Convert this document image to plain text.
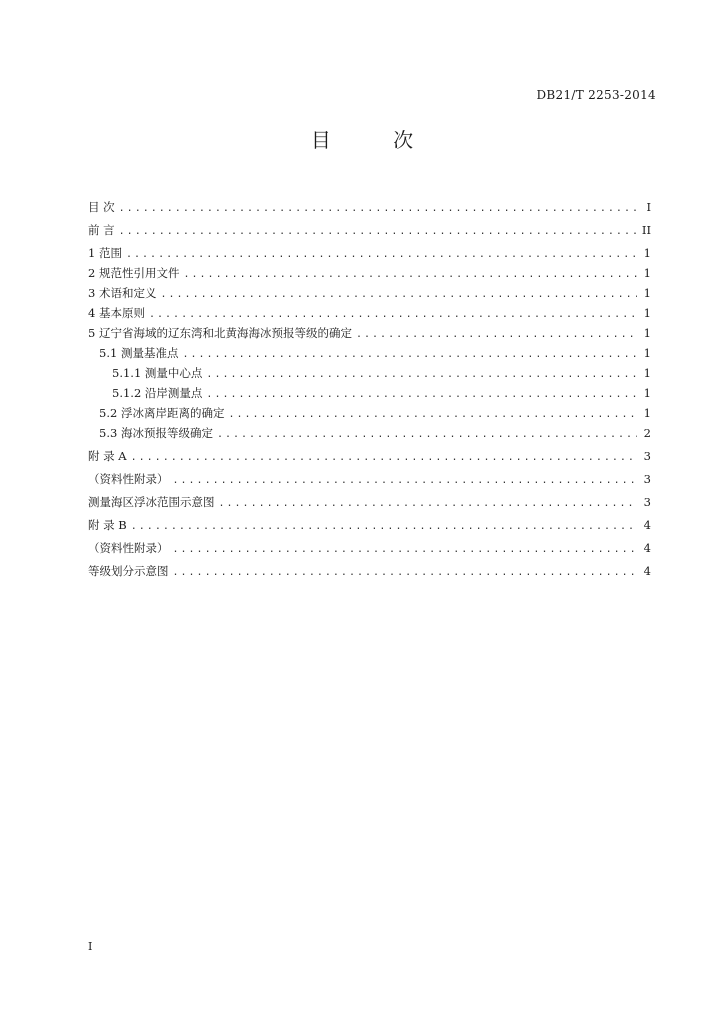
DB21/T 2253-2014
目 次
目 次 .....	I
前 言 .....	II
1 范围 .....	1
2 规范性引用文件 .....	1
3 术语和定义 .....	1
4 基本原则 .....	1
5 辽宁省海域的辽东湾和北黄海海冰预报等级的确定 .....	1
5.1 测量基准点 .....	1
5.1.1 测量中心点 .....	1
5.1.2 沿岸测量点 .....	1
5.2 浮冰离岸距离的确定 .....	1
5.3 海冰预报等级确定 .....	2
附 录 A .....	3
（资料性附录） .....	3
测量海区浮冰范围示意图 .....	3
附 录 B .....	4
（资料性附录） .....	4
等级划分示意图 .....	4
I
